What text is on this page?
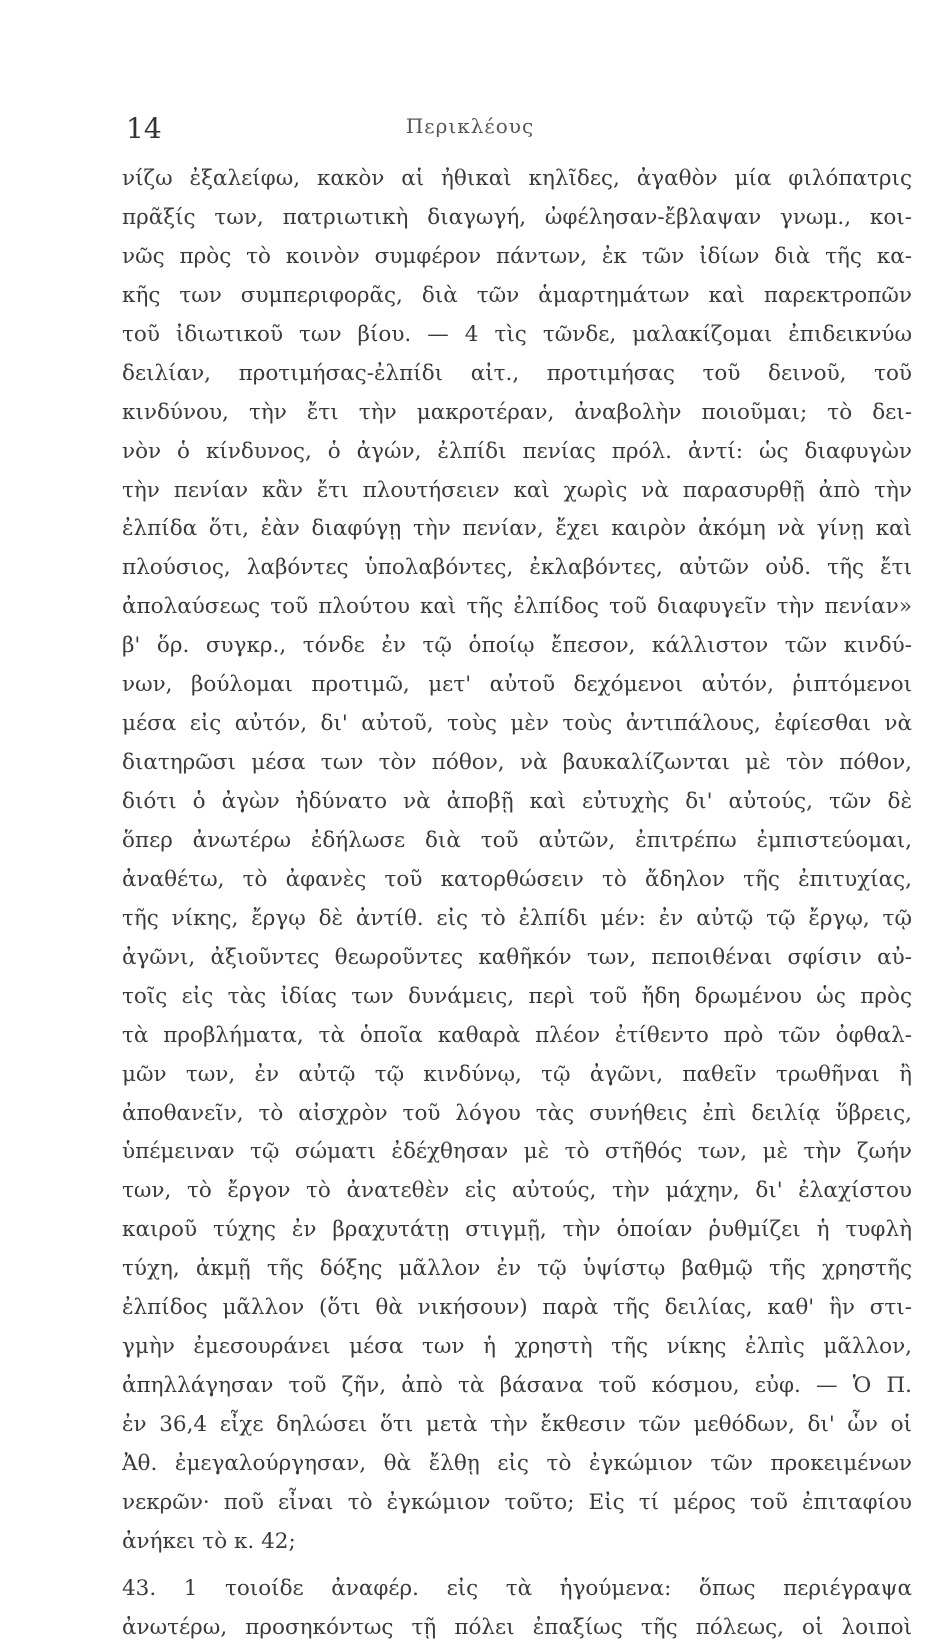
14	Περικλέους
νίζω ἐξαλείφω, κακὸν αἱ ἠθικαὶ κηλῖδες, ἀγαθὸν μία φιλόπατρις
πρᾶξίς των, πατριωτικὴ διαγωγή, ὠφέλησαν-ἔβλαψαν γνωμ., κοι-
νῶς πρὸς τὸ κοινὸν συμφέρον πάντων, ἐκ τῶν ἰδίων διὰ τῆς κα-
κῆς των συμπεριφορᾶς, διὰ τῶν ἁμαρτημάτων καὶ παρεκτροπῶν
τοῦ ἰδιωτικοῦ των βίου. — 4 τὶς τῶνδε, μαλακίζομαι ἐπιδεικνύω
δειλίαν, προτιμήσας-ἐλπίδι αἰτ., προτιμήσας τοῦ δεινοῦ, τοῦ
κινδύνου, τὴν ἔτι τὴν μακροτέραν, ἀναβολὴν ποιοῦμαι; τὸ δει-
νὸν ὁ κίνδυνος, ὁ ἀγών, ἐλπίδι πενίας πρόλ. ἀντί: ὡς διαφυγὼν
τὴν πενίαν κἂν ἔτι πλουτήσειεν καὶ χωρὶς νὰ παρασυρθῇ ἀπὸ τὴν
ἐλπίδα ὅτι, ἐὰν διαφύγῃ τὴν πενίαν, ἔχει καιρὸν ἀκόμη νὰ γίνῃ καὶ
πλούσιος, λαβόντες ὑπολαβόντες, ἐκλαβόντες, αὐτῶν οὐδ. τῆς ἔτι
ἀπολαύσεως τοῦ πλούτου καὶ τῆς ἐλπίδος τοῦ διαφυγεῖν τὴν πενίαν»
β' ὅρ. συγκρ., τόνδε ἐν τῷ ὁποίῳ ἔπεσον, κάλλιστον τῶν κινδύ-
νων, βούλομαι προτιμῶ, μετ' αὐτοῦ δεχόμενοι αὐτόν, ῥιπτόμενοι
μέσα εἰς αὐτόν, δι' αὐτοῦ, τοὺς μὲν τοὺς ἀντιπάλους, ἐφίεσθαι νὰ
διατηρῶσι μέσα των τὸν πόθον, νὰ βαυκαλίζωνται μὲ τὸν πόθον,
διότι ὁ ἀγὼν ἠδύνατο νὰ ἀποβῇ καὶ εὐτυχὴς δι' αὐτούς, τῶν δὲ
ὅπερ ἀνωτέρω ἐδήλωσε διὰ τοῦ αὐτῶν, ἐπιτρέπω ἐμπιστεύομαι,
ἀναθέτω, τὸ ἀφανὲς τοῦ κατορθώσειν τὸ ἄδηλον τῆς ἐπιτυχίας,
τῆς νίκης, ἔργῳ δὲ ἀντίθ. εἰς τὸ ἐλπίδι μέν: ἐν αὐτῷ τῷ ἔργῳ, τῷ
ἀγῶνι, ἀξιοῦντες θεωροῦντες καθῆκόν των, πεποιθέναι σφίσιν αὐ-
τοῖς εἰς τὰς ἰδίας των δυνάμεις, περὶ τοῦ ἤδη δρωμένου ὡς πρὸς
τὰ προβλήματα, τὰ ὁποῖα καθαρὰ πλέον ἐτίθεντο πρὸ τῶν ὀφθαλ-
μῶν των, ἐν αὐτῷ τῷ κινδύνῳ, τῷ ἀγῶνι, παθεῖν τρωθῆναι ἢ
ἀποθανεῖν, τὸ αἰσχρὸν τοῦ λόγου τὰς συνήθεις ἐπὶ δειλίᾳ ὕβρεις,
ὑπέμειναν τῷ σώματι ἐδέχθησαν μὲ τὸ στῆθός των, μὲ τὴν ζωήν
των, τὸ ἔργον τὸ ἀνατεθὲν εἰς αὐτούς, τὴν μάχην, δι' ἐλαχίστου
καιροῦ τύχης ἐν βραχυτάτῃ στιγμῇ, τὴν ὁποίαν ῥυθμίζει ἡ τυφλὴ
τύχη, ἀκμῇ τῆς δόξης μᾶλλον ἐν τῷ ὑψίστῳ βαθμῷ τῆς χρηστῆς
ἐλπίδος μᾶλλον (ὅτι θὰ νικήσουν) παρὰ τῆς δειλίας, καθ' ἣν στι-
γμὴν ἐμεσουράνει μέσα των ἡ χρηστὴ τῆς νίκης ἐλπὶς μᾶλλον,
ἀπηλλάγησαν τοῦ ζῆν, ἀπὸ τὰ βάσανα τοῦ κόσμου, εὐφ. — Ὁ Π.
ἐν 36,4 εἶχε δηλώσει ὅτι μετὰ τὴν ἔκθεσιν τῶν μεθόδων, δι' ὧν οἱ
Ἀθ. ἐμεγαλούργησαν, θὰ ἔλθῃ εἰς τὸ ἐγκώμιον τῶν προκειμένων
νεκρῶν· ποῦ εἶναι τὸ ἐγκώμιον τοῦτο; Εἰς τί μέρος τοῦ ἐπιταφίου
ἀνήκει τὸ κ. 42;
43. 1 τοιοίδε ἀναφέρ. εἰς τὰ ἡγούμενα: ὅπως περιέγραψα
ἀνωτέρω, προσηκόντως τῇ πόλει ἐπαξίως τῆς πόλεως, οἱ λοιποὶ
